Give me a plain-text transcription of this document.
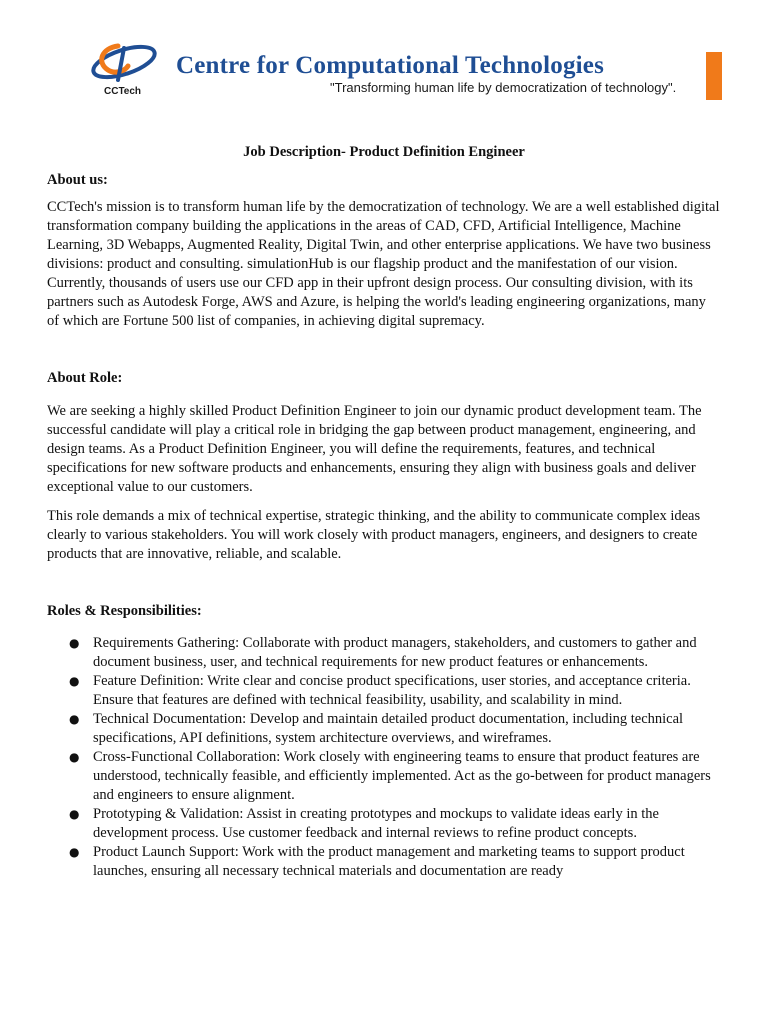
CCTech
Centre for Computational Technologies
"Transforming human life by democratization of technology".
Job Description- Product Definition Engineer
About us:

CCTech's mission is to transform human life by the democratization of technology. We are a well established digital transformation company building the applications in the areas of CAD, CFD, Artificial Intelligence, Machine Learning, 3D Webapps, Augmented Reality, Digital Twin, and other enterprise applications. We have two business divisions: product and consulting. simulationHub is our flagship product and the manifestation of our vision. Currently, thousands of users use our CFD app in their upfront design process. Our consulting division, with its partners such as Autodesk Forge, AWS and Azure, is helping the world's leading engineering organizations, many of which are Fortune 500 list of companies, in achieving digital supremacy.

About Role:

We are seeking a highly skilled Product Definition Engineer to join our dynamic product development team. The successful candidate will play a critical role in bridging the gap between product management, engineering, and design teams. As a Product Definition Engineer, you will define the requirements, features, and technical specifications for new software products and enhancements, ensuring they align with business goals and deliver exceptional value to our customers.

This role demands a mix of technical expertise, strategic thinking, and the ability to communicate complex ideas clearly to various stakeholders. You will work closely with product managers, engineers, and designers to create products that are innovative, reliable, and scalable.

Roles & Responsibilities:
● Requirements Gathering: Collaborate with product managers, stakeholders, and customers to gather and document business, user, and technical requirements for new product features or enhancements.
● Feature Definition: Write clear and concise product specifications, user stories, and acceptance criteria. Ensure that features are defined with technical feasibility, usability, and scalability in mind.
● Technical Documentation: Develop and maintain detailed product documentation, including technical specifications, API definitions, system architecture overviews, and wireframes.
● Cross-Functional Collaboration: Work closely with engineering teams to ensure that product features are understood, technically feasible, and efficiently implemented. Act as the go-between for product managers and engineers to ensure alignment.
● Prototyping & Validation: Assist in creating prototypes and mockups to validate ideas early in the development process. Use customer feedback and internal reviews to refine product concepts.
● Product Launch Support: Work with the product management and marketing teams to support product launches, ensuring all necessary technical materials and documentation are ready
